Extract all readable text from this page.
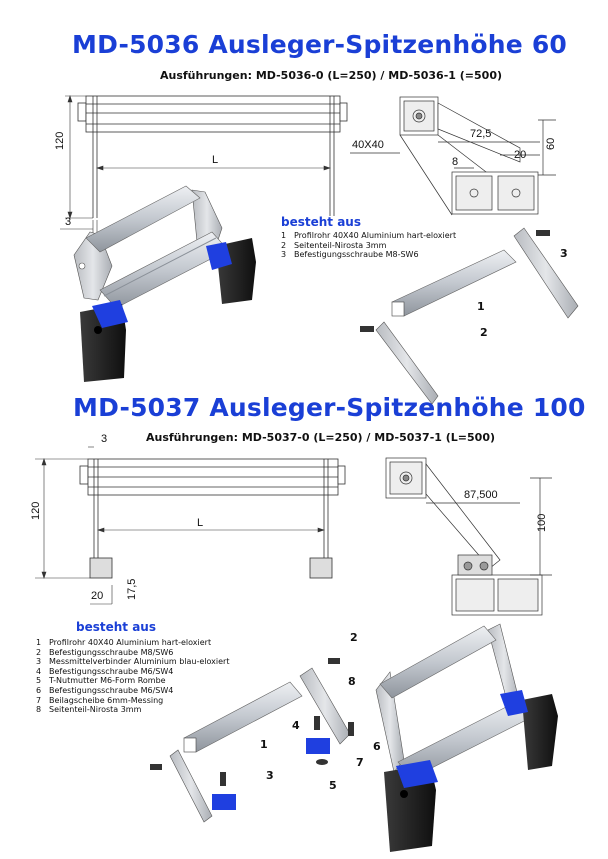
MD-5036 Ausleger-Spitzenhöhe 60
Ausführungen: MD-5036-0 (L=250) / MD-5036-1 (=500)
MD-5037 Ausleger-Spitzenhöhe 100
Ausführungen: MD-5037-0 (L=250) / MD-5037-1 (L=500)
120
L
3
40X40
72,5
20
60
8
besteht aus
1 Profilrohr 40X40 Aluminium hart-eloxiert
2 Seitenteil-Nirosta 3mm
3 Befestigungsschraube M8-SW6
1
2
3
3
120
L
20 17,5
87,500
100
besteht aus
1 Profilrohr 40X40 Aluminium hart-eloxiert
2 Befestigungsschraube M8/SW6
3 Messmittelverbinder Aluminium blau-eloxiert
4 Befestigungsschraube M6/SW4
5 T-Nutmutter M6-Form Rombe
6 Befestigungsschraube M6/SW4
7 Beilagscheibe 6mm-Messing
8 Seitenteil-Nirosta 3mm
2
8
4
1
7
6
3
5
